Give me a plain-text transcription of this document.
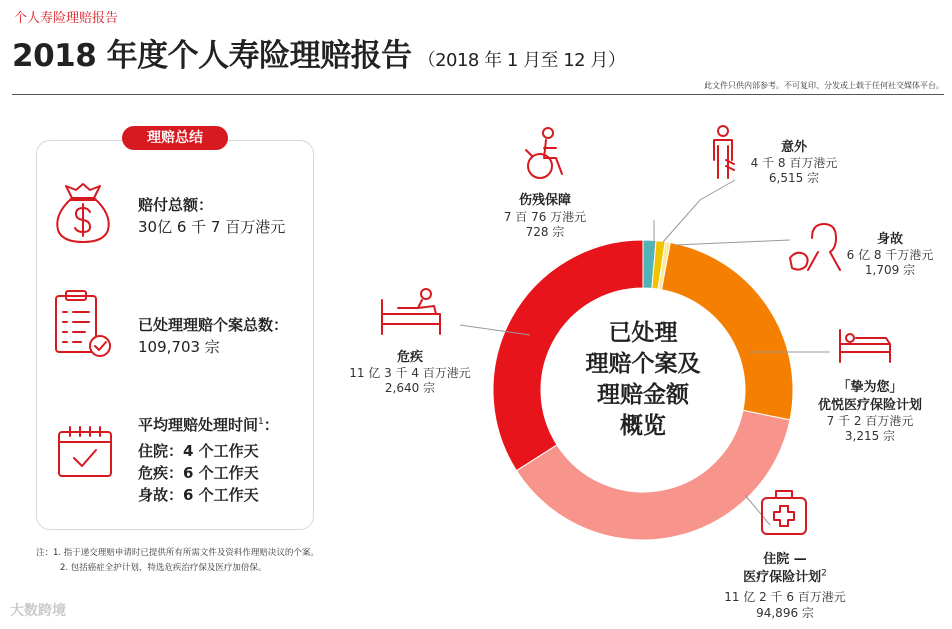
个人寿险理赔报告
2018 年度个人寿险理赔报告 （2018 年 1 月至 12 月）
此文件只供内部参考。不可复印、分发或上载于任何社交媒体平台。
理赔总结
赔付总额：
30亿 6 千 7 百万港元
已处理理赔个案总数：
109,703 宗
平均理赔处理时间$^1$：
住院：4 个工作天
危疾：6 个工作天
身故：6 个工作天
注：1. 指于递交理赔申请时已提供所有所需文件及资料作理赔决议的个案。
2. 包括癌症全护计划，特选危疾治疗保及医疗加倍保。
大数跨境
已处理
理赔个案及
理赔金额
概览
伤残保障
7 百 76 万港元
728 宗
意外
4 千 8 百万港元
6,515 宗
身故
6 亿 8 千万港元
1,709 宗
「挚为您」
优悦医疗保险计划
7 千 2 百万港元
3,215 宗
住院 —
医疗保险计划$^2$
11 亿 2 千 6 百万港元
94,896 宗
危疾
11 亿 3 千 4 百万港元
2,640 宗
